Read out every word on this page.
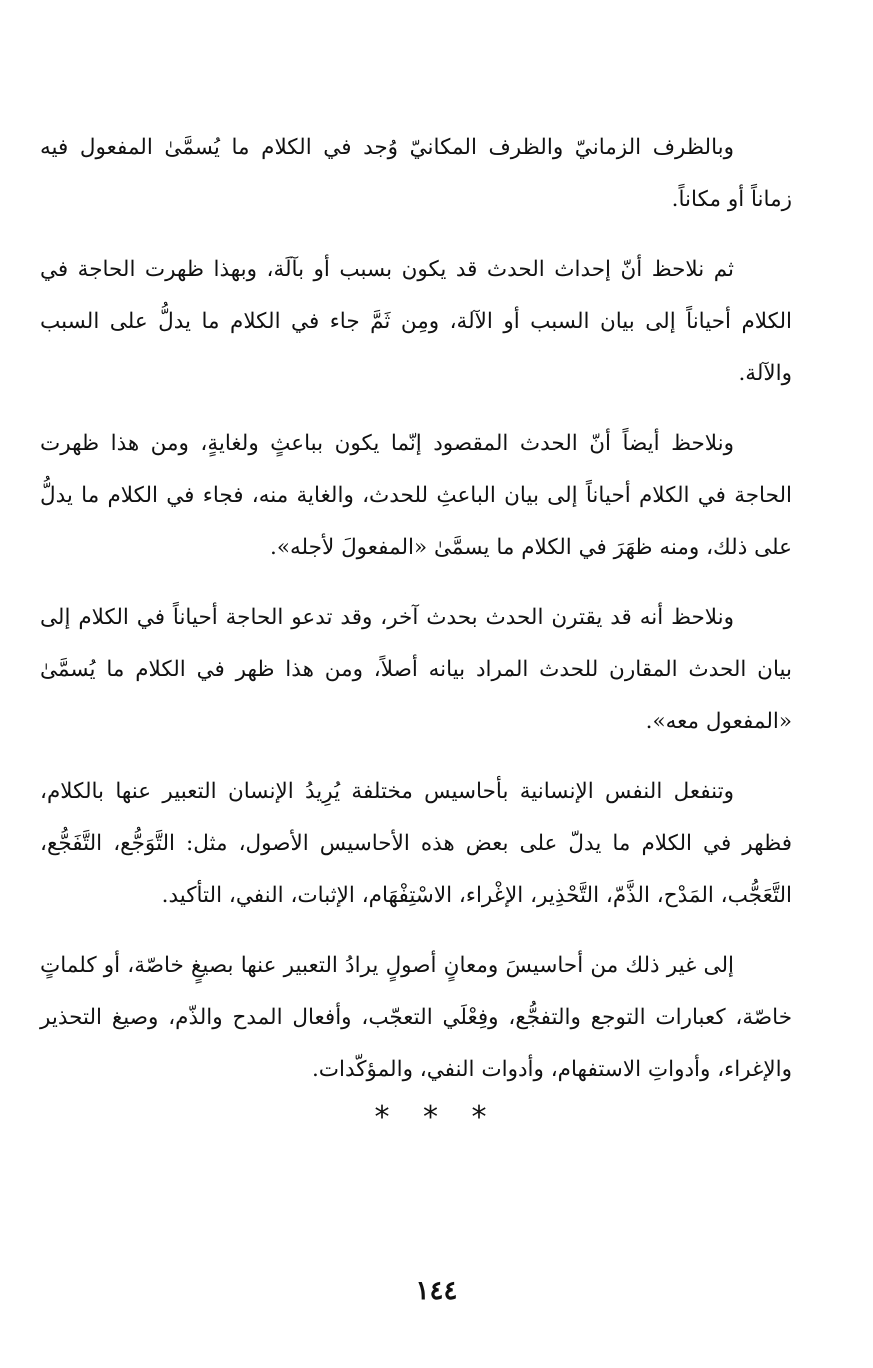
وبالظرف الزمانيّ والظرف المكانيّ وُجد في الكلام ما يُسمَّىٰ المفعول فيه زماناً أو مكاناً.

ثم نلاحظ أنّ إحداث الحدث قد يكون بسبب أو بآلَة، وبهذا ظهرت الحاجة في الكلام أحياناً إلى بيان السبب أو الآلة، ومِن ثَمَّ جاء في الكلام ما يدلُّ على السبب والآلة.

ونلاحظ أيضاً أنّ الحدث المقصود إنّما يكون بباعثٍ ولغايةٍ، ومن هذا ظهرت الحاجة في الكلام أحياناً إلى بيان الباعثِ للحدث، والغاية منه، فجاء في الكلام ما يدلُّ على ذلك، ومنه ظهَرَ في الكلام ما يسمَّىٰ «المفعولَ لأجله».

ونلاحظ أنه قد يقترن الحدث بحدث آخر، وقد تدعو الحاجة أحياناً في الكلام إلى بيان الحدث المقارن للحدث المراد بيانه أصلاً، ومن هذا ظهر في الكلام ما يُسمَّىٰ «المفعول معه».

وتنفعل النفس الإنسانية بأحاسيس مختلفة يُرِيدُ الإنسان التعبير عنها بالكلام، فظهر في الكلام ما يدلّ على بعض هذه الأحاسيس الأصول، مثل: التَّوَجُّع، التَّفَجُّع، التَّعَجُّب، المَدْح، الذَّمّ، التَّحْذِير، الإغْراء، الاسْتِفْهَام، الإثبات، النفي، التأكيد.

إلى غير ذلك من أحاسيسَ ومعانٍ أصولٍ يرادُ التعبير عنها بصيغٍ خاصّة، أو كلماتٍ خاصّة، كعبارات التوجع والتفجُّع، وفِعْلَي التعجّب، وأفعال المدح والذّم، وصيغ التحذير والإغراء، وأدواتِ الاستفهام، وأدوات النفي، والمؤكّدات.

* * *
١٤٤
